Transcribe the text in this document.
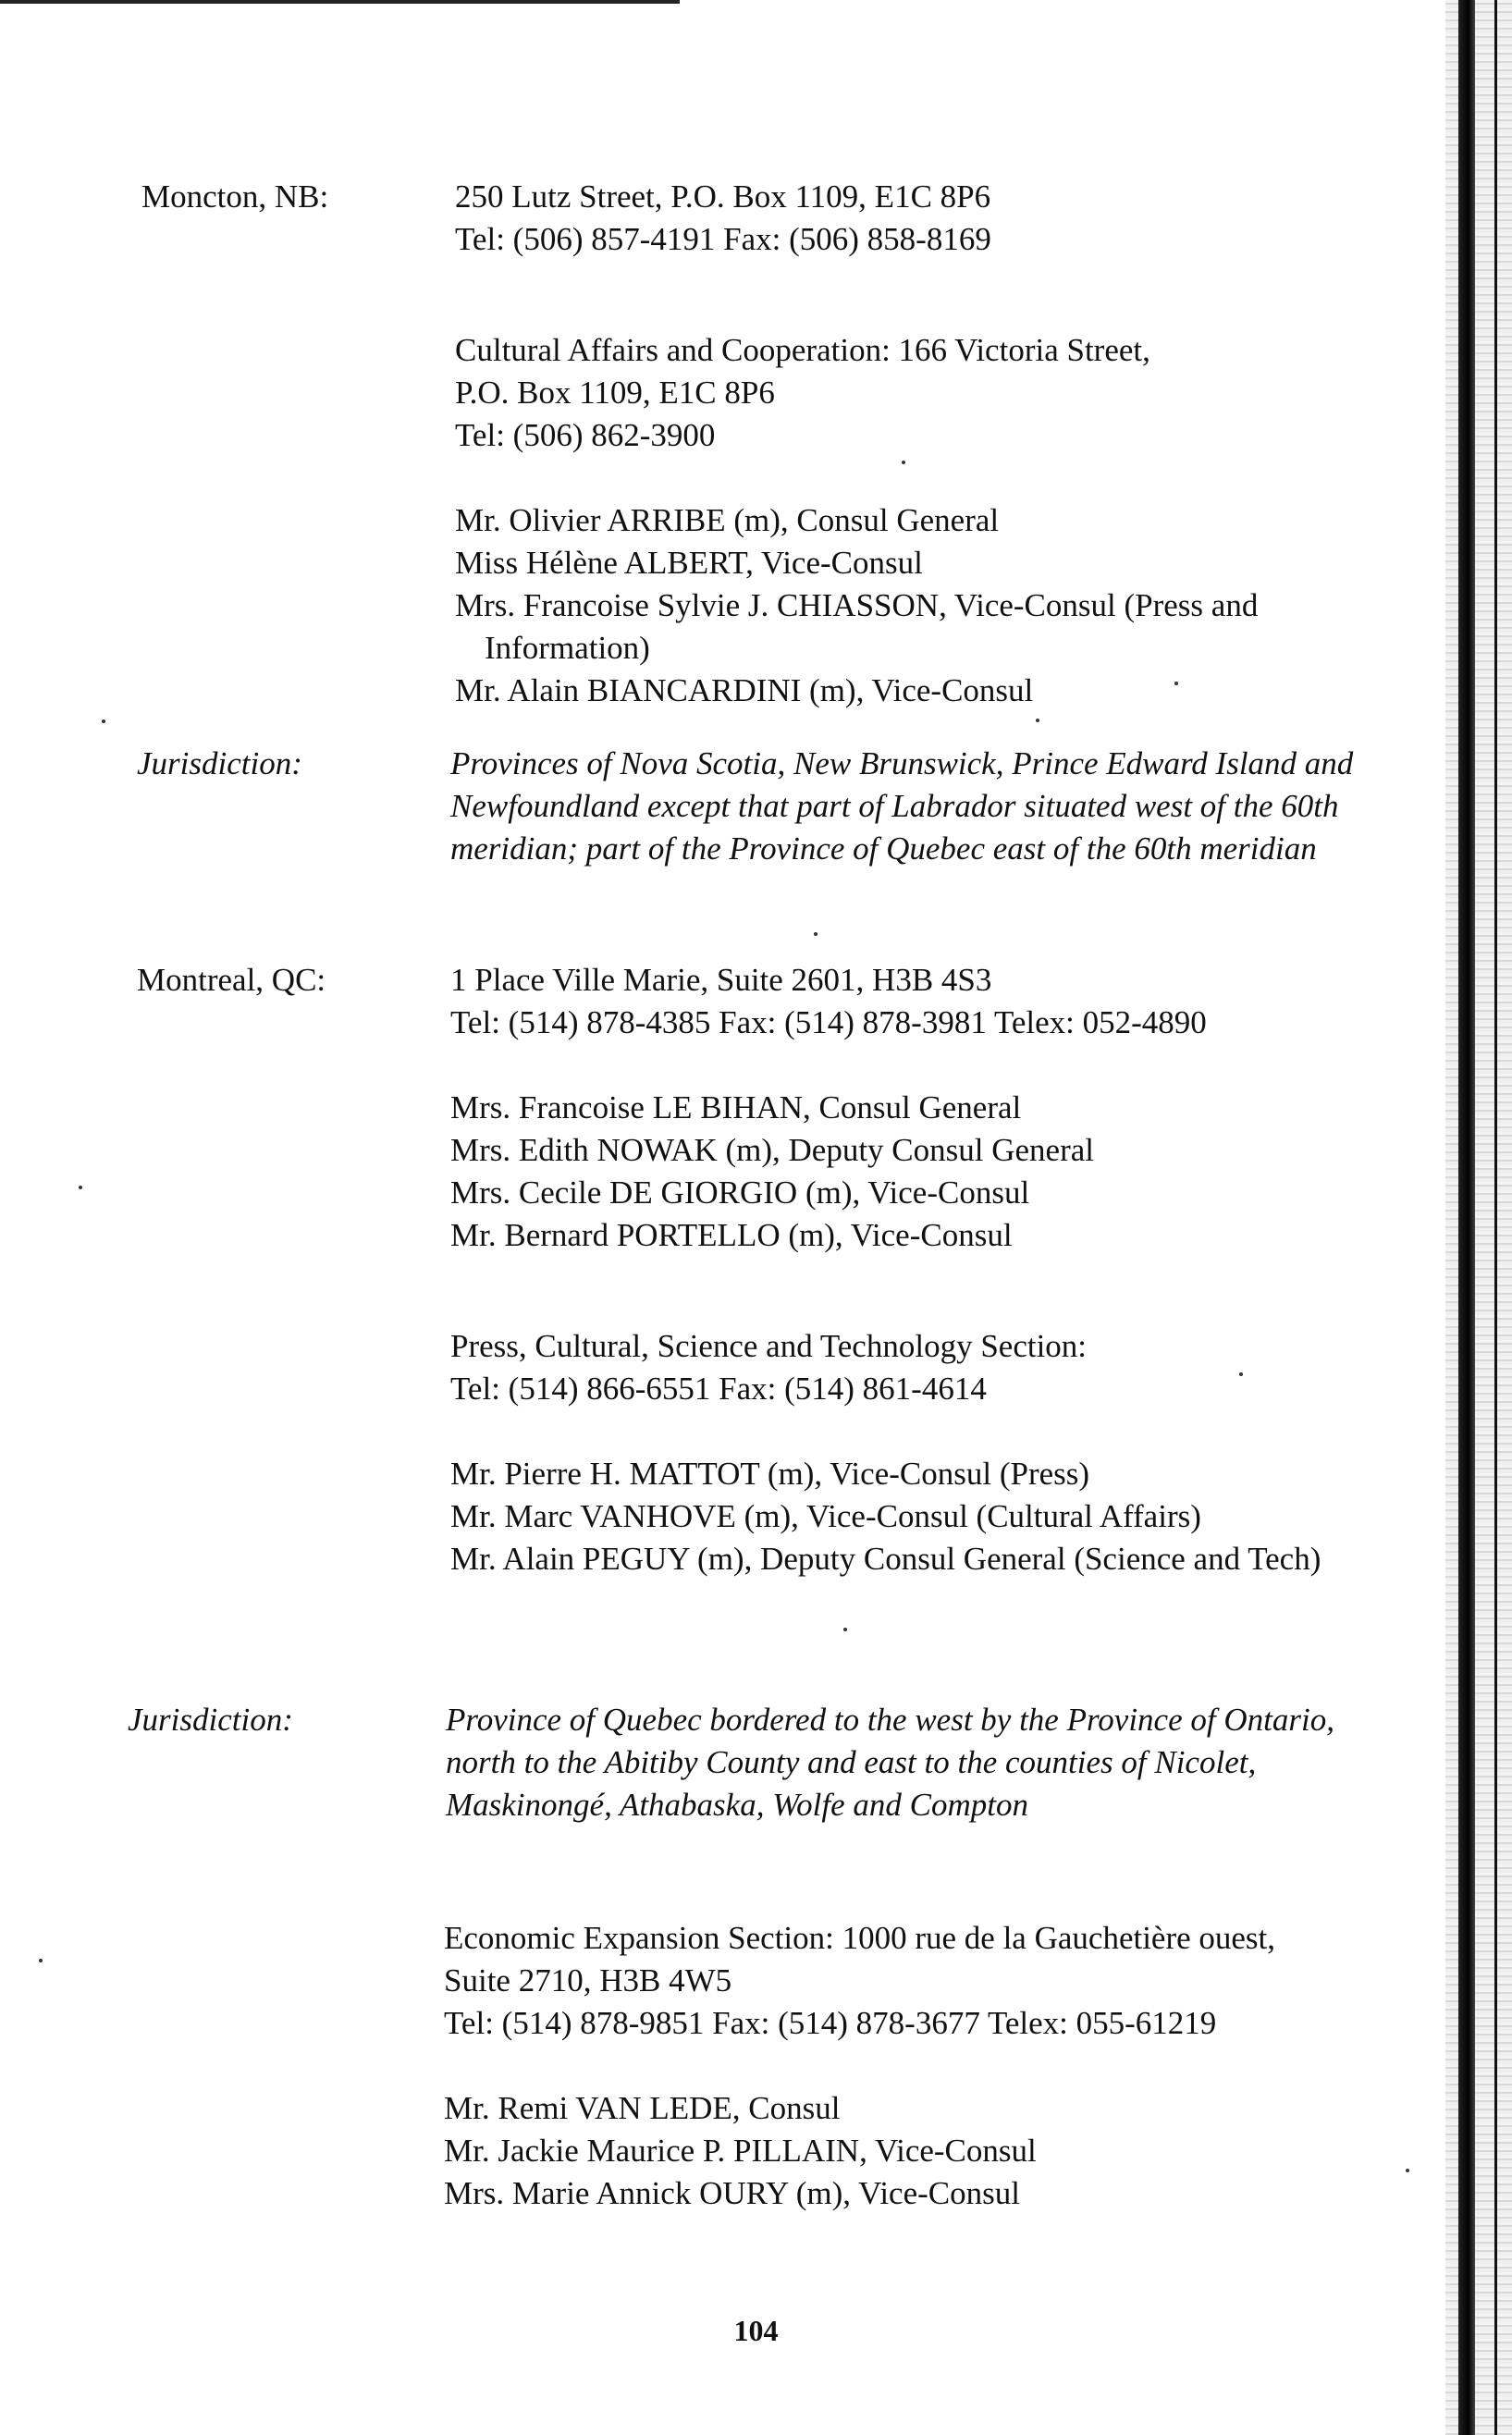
Moncton, NB:	250 Lutz Street, P.O. Box 1109, E1C 8P6
Tel: (506) 857-4191 Fax: (506) 858-8169
Cultural Affairs and Cooperation: 166 Victoria Street,
P.O. Box 1109, E1C 8P6
Tel: (506) 862-3900
Mr. Olivier ARRIBE (m), Consul General
Miss Hélène ALBERT, Vice-Consul
Mrs. Francoise Sylvie J. CHIASSON, Vice-Consul (Press and Information)
Mr. Alain BIANCARDINI (m), Vice-Consul
Jurisdiction:	Provinces of Nova Scotia, New Brunswick, Prince Edward Island and Newfoundland except that part of Labrador situated west of the 60th meridian; part of the Province of Quebec east of the 60th meridian
Montreal, QC:	1 Place Ville Marie, Suite 2601, H3B 4S3
Tel: (514) 878-4385 Fax: (514) 878-3981 Telex: 052-4890
Mrs. Francoise LE BIHAN, Consul General
Mrs. Edith NOWAK (m), Deputy Consul General
Mrs. Cecile DE GIORGIO (m), Vice-Consul
Mr. Bernard PORTELLO (m), Vice-Consul
Press, Cultural, Science and Technology Section:
Tel: (514) 866-6551 Fax: (514) 861-4614
Mr. Pierre H. MATTOT (m), Vice-Consul (Press)
Mr. Marc VANHOVE (m), Vice-Consul (Cultural Affairs)
Mr. Alain PEGUY (m), Deputy Consul General (Science and Tech)
Jurisdiction:	Province of Quebec bordered to the west by the Province of Ontario, north to the Abitiby County and east to the counties of Nicolet, Maskinongé, Athabaska, Wolfe and Compton
Economic Expansion Section: 1000 rue de la Gauchetière ouest,
Suite 2710, H3B 4W5
Tel: (514) 878-9851 Fax: (514) 878-3677 Telex: 055-61219
Mr. Remi VAN LEDE, Consul
Mr. Jackie Maurice P. PILLAIN, Vice-Consul
Mrs. Marie Annick OURY (m), Vice-Consul
104
